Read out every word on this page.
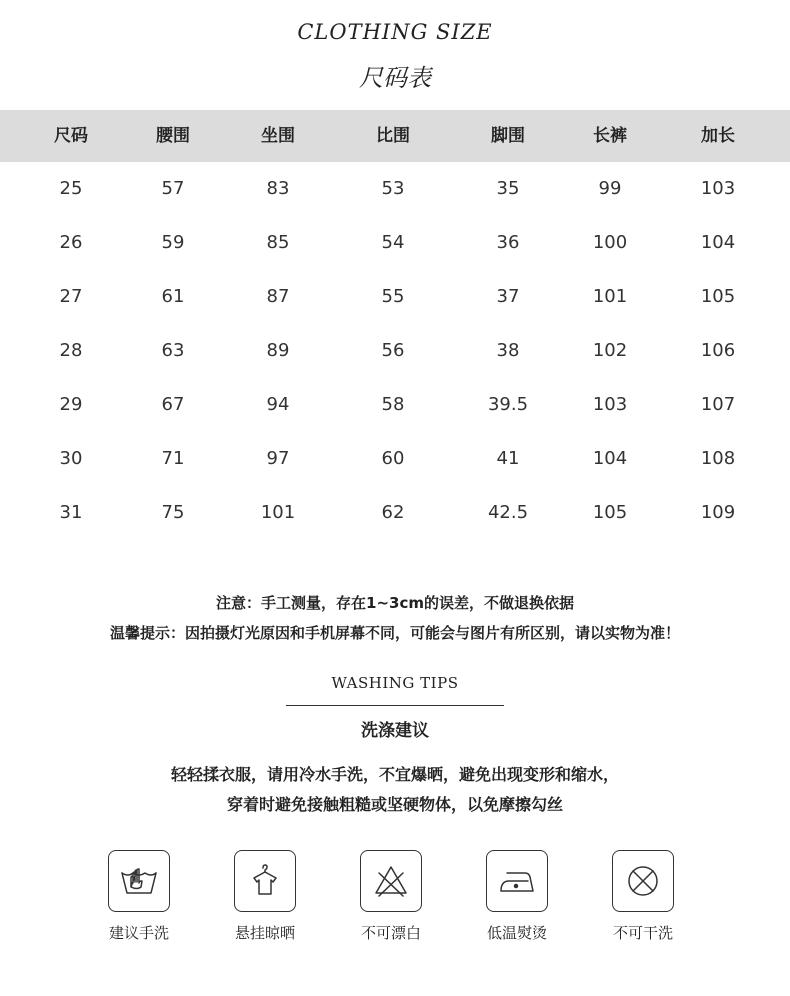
CLOTHING SIZE
尺码表
尺码	腰围	坐围	比围	脚围	长裤	加长
25	57	83	53	35	99	103
26	59	85	54	36	100	104
27	61	87	55	37	101	105
28	63	89	56	38	102	106
29	67	94	58	39.5	103	107
30	71	97	60	41	104	108
31	75	101	62	42.5	105	109
注意：手工测量，存在1~3cm的误差，不做退换依据
温馨提示：因拍摄灯光原因和手机屏幕不同，可能会与图片有所区别，请以实物为准！
WASHING TIPS
洗涤建议
轻轻揉衣服，请用冷水手洗，不宜爆晒，避免出现变形和缩水，
穿着时避免接触粗糙或坚硬物体，以免摩擦勾丝
建议手洗	悬挂晾晒	不可漂白	低温熨烫	不可干洗
